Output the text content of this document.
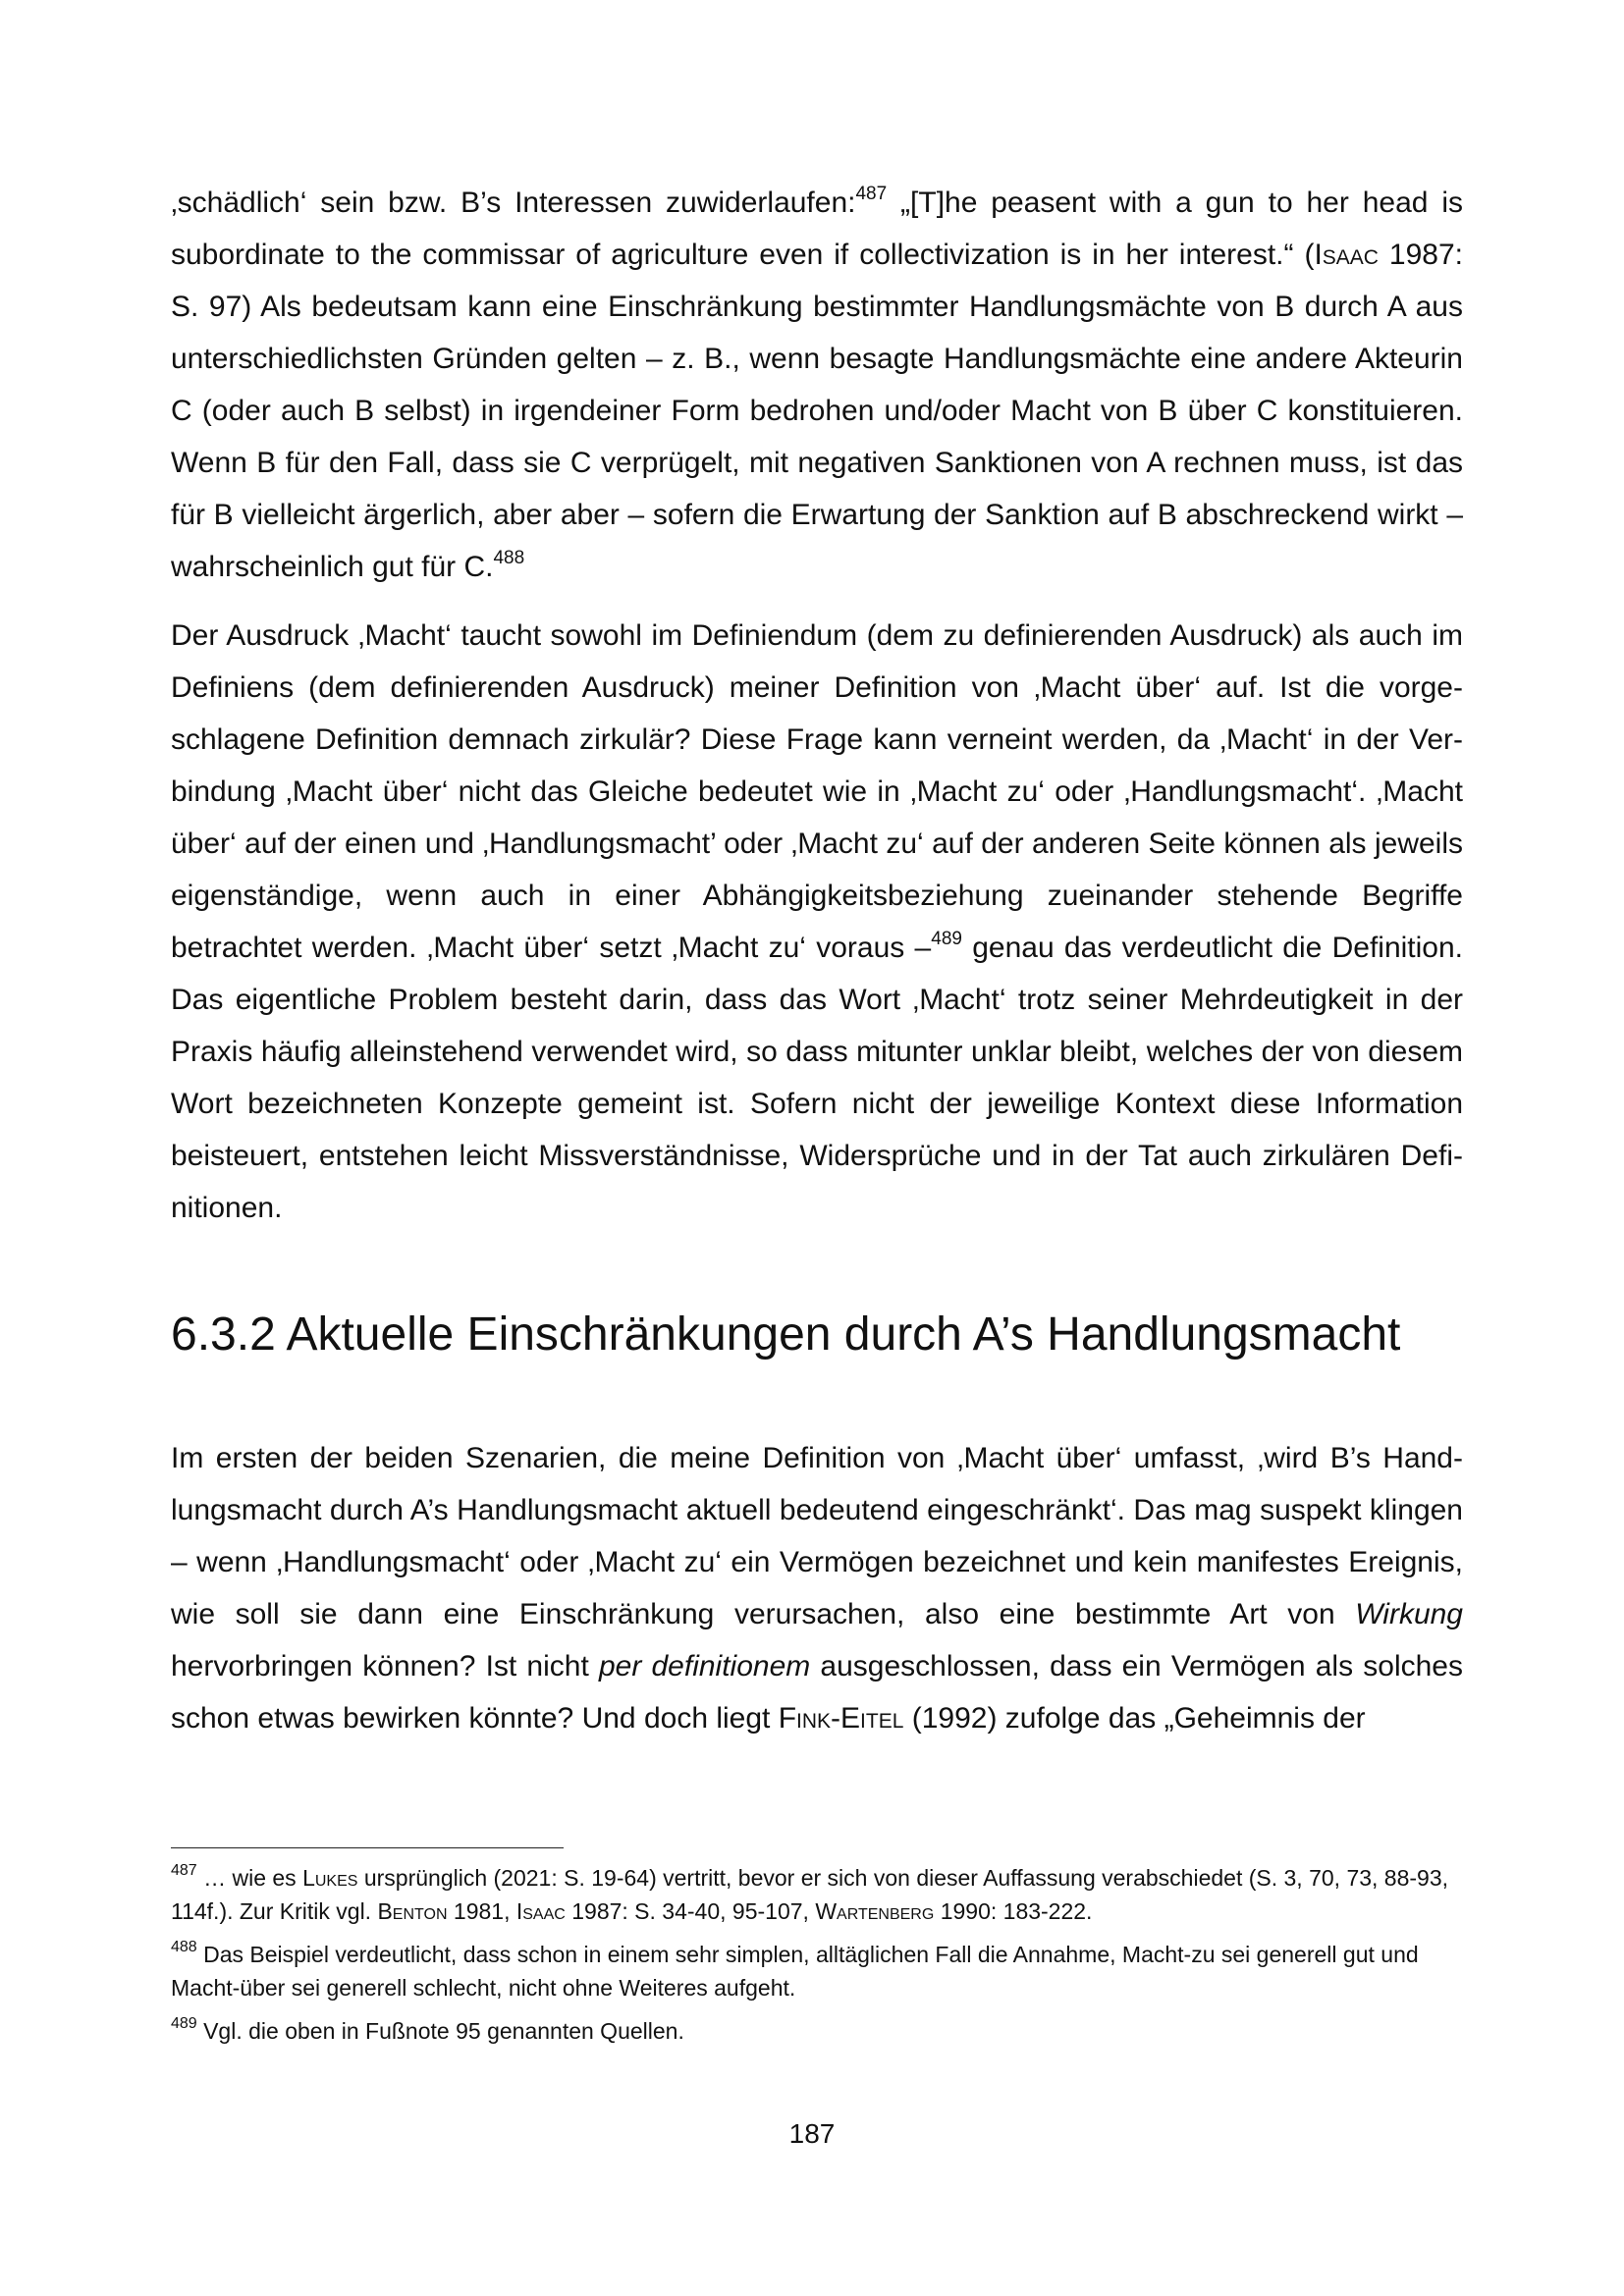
‚schädlich‘ sein bzw. B’s Interessen zuwiderlaufen:$^{487}$ „[T]he peasent with a gun to her head is subordinate to the commissar of agriculture even if collectivization is in her interest.“ (Isaac 1987: S. 97) Als bedeutsam kann eine Einschränkung bestimmter Handlungsmächte von B durch A aus unterschiedlichsten Gründen gelten – z. B., wenn besagte Handlungsmächte eine andere Akteurin C (oder auch B selbst) in irgendeiner Form bedrohen und/oder Macht von B über C konstituieren. Wenn B für den Fall, dass sie C verprügelt, mit negativen Sanktionen von A rechnen muss, ist das für B vielleicht ärgerlich, aber aber – sofern die Erwartung der Sanktion auf B abschreckend wirkt – wahrscheinlich gut für C.$^{488}$

Der Ausdruck ‚Macht‘ taucht sowohl im Definiendum (dem zu definierenden Ausdruck) als auch im Definiens (dem definierenden Ausdruck) meiner Definition von ‚Macht über‘ auf. Ist die vorgeschlagene Definition demnach zirkulär? Diese Frage kann verneint werden, da ‚Macht‘ in der Verbindung ‚Macht über‘ nicht das Gleiche bedeutet wie in ‚Macht zu‘ oder ‚Handlungsmacht‘. ‚Macht über‘ auf der einen und ‚Handlungsmacht’ oder ‚Macht zu‘ auf der anderen Seite können als jeweils eigenständige, wenn auch in einer Abhängigkeitsbeziehung zueinander stehende Begriffe betrachtet werden. ‚Macht über‘ setzt ‚Macht zu‘ voraus –$^{489}$ genau das verdeutlicht die Definition. Das eigentliche Problem besteht darin, dass das Wort ‚Macht‘ trotz seiner Mehrdeutigkeit in der Praxis häufig alleinstehend verwendet wird, so dass mitunter unklar bleibt, welches der von diesem Wort bezeichneten Konzepte gemeint ist. Sofern nicht der jeweilige Kontext diese Information beisteuert, entstehen leicht Missverständnisse, Widersprüche und in der Tat auch zirkulären Definitionen.

6.3.2 Aktuelle Einschränkungen durch A’s Handlungsmacht

Im ersten der beiden Szenarien, die meine Definition von ‚Macht über‘ umfasst, ‚wird B’s Handlungsmacht durch A’s Handlungsmacht aktuell bedeutend eingeschränkt‘. Das mag suspekt klingen – wenn ‚Handlungsmacht‘ oder ‚Macht zu‘ ein Vermögen bezeichnet und kein manifestes Ereignis, wie soll sie dann eine Einschränkung verursachen, also eine bestimmte Art von Wirkung hervorbringen können? Ist nicht per definitionem ausgeschlossen, dass ein Vermögen als solches schon etwas bewirken könnte? Und doch liegt Fink-Eitel (1992) zufolge das „Geheimnis der

$^{487}$ … wie es Lukes ursprünglich (2021: S. 19-64) vertritt, bevor er sich von dieser Auffassung verabschiedet (S. 3, 70, 73, 88-93, 114f.). Zur Kritik vgl. Benton 1981, Isaac 1987: S. 34-40, 95-107, Wartenberg 1990: 183-222.

$^{488}$ Das Beispiel verdeutlicht, dass schon in einem sehr simplen, alltäglichen Fall die Annahme, Macht-zu sei generell gut und Macht-über sei generell schlecht, nicht ohne Weiteres aufgeht.

$^{489}$ Vgl. die oben in Fußnote 95 genannten Quellen.

187
